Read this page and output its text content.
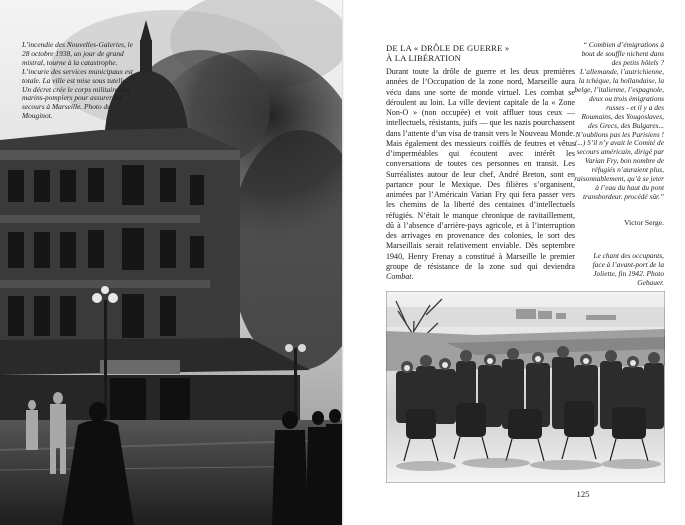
L’incendie des Nouvelles-Galeries, le 28 octobre 1938, un jour de grand mistral, tourne à la catastrophe. L’incurie des services municipaux est totale. La ville est mise sous tutelle. Un décret crée le corps militaire des marins-pompiers pour assurer les secours à Marseille. Photo de Mouginot.
DE LA « DRÔLE DE GUERRE »
À LA LIBÉRATION

Durant toute la drôle de guerre et les deux premières années de l’Occupation de la zone nord, Marseille aura vécu dans une sorte de monde virtuel. Les combat se déroulent au loin. La ville devient capitale de la « Zone Non-O » (non occupée) et voit affluer tous ceux — intellectuels, résistants, juifs — que les nazis pourchassent dans l’attente d’un visa de transit vers le Nouveau Monde. Mais également des messieurs coiffés de feutres et vêtus d’imperméables qui écoutent avec intérêt les conversations de toutes ces personnes en transit. Les Surréalistes autour de leur chef, André Breton, sont en partance pour le Mexique. Des filières s’organisent, animées par l’Américain Varian Fry qui fera passer vers les chemins de la liberté des centaines d’intellectuels réfugiés. N’était le manque chronique de ravitaillement, dû à l’absence d’arrière-pays agricole, et à l’interruption des arrivages en provenance des colonies, le sort des Marseillais serait relativement enviable. Dès septembre 1940, Henry Frenay a constitué à Marseille le premier groupe de résistance de la zone sud qui deviendra Combat.

“ Combien d’émigrations à bout de souffle nichent dans des petits hôtels ? L’allemande, l’autrichienne, la tchèque, la hollandaise, la belge, l’italienne, l’espagnole, deux ou trois émigrations russes - et il y a des Roumains, des Yougoslaves, des Grecs, des Bulgares... N’oublions pas les Parisiens ! (...) S’il n’y avait le Comité de secours américain, dirigé par Varian Fry, bon nombre de réfugiés n’auraient plus, raisonnablement, qu’à se jeter à l’eau du haut du pont transbordeur. procédé sûr.”
Victor Serge.
Le chant des occupants, face à l’avant-port de la Joliette, fin 1942. Photo Gebauer.
125
